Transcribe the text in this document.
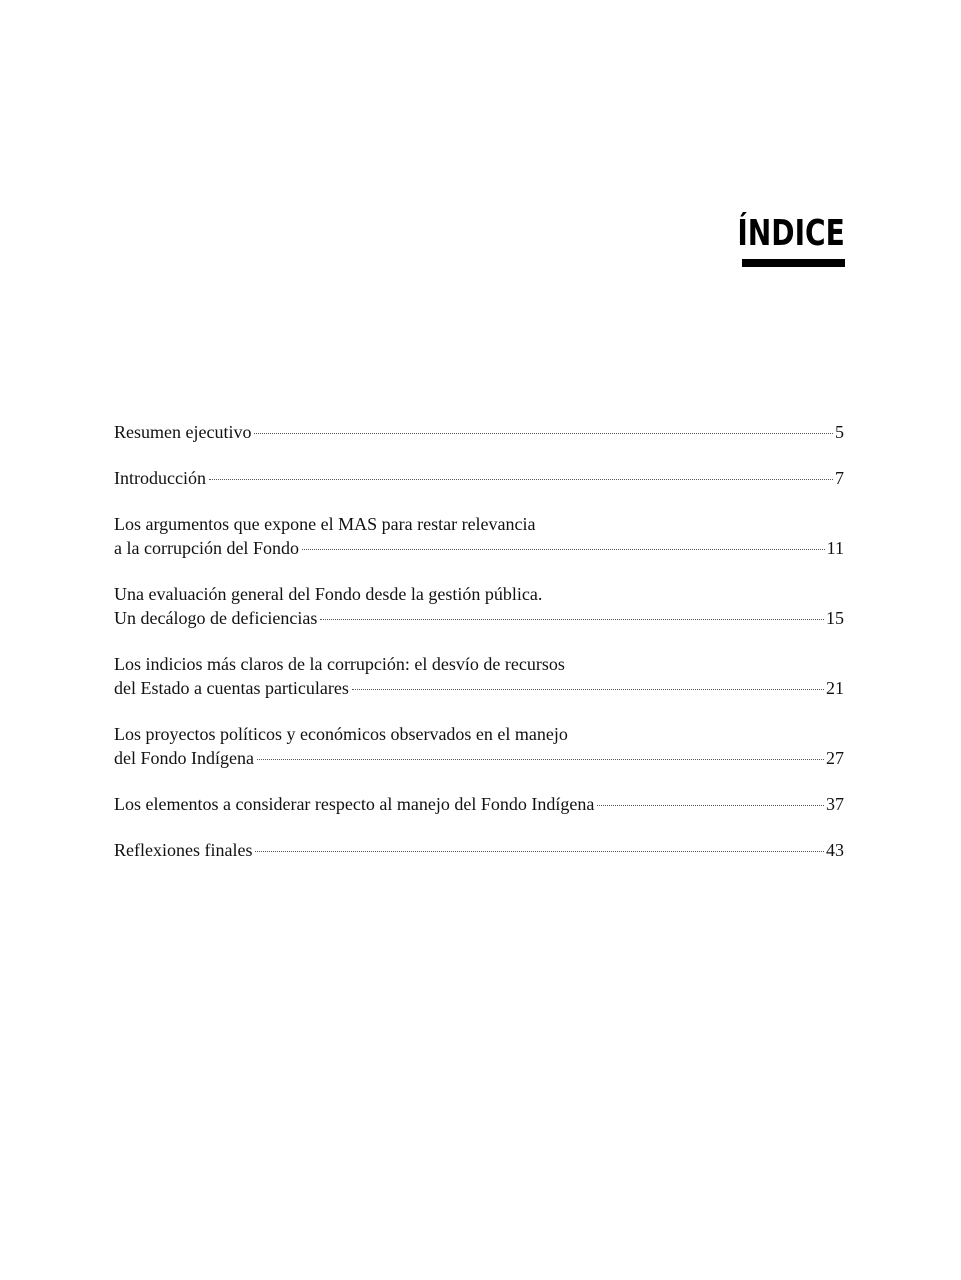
ÍNDICE
Resumen ejecutivo	5
Introducción	7
Los argumentos que expone el MAS para restar relevancia
a la corrupción del Fondo	11
Una evaluación general del Fondo desde la gestión pública.
Un decálogo de deficiencias	15
Los indicios más claros de la corrupción: el desvío de recursos
del Estado a cuentas particulares	21
Los proyectos políticos y económicos observados en el manejo
del Fondo Indígena	27
Los elementos a considerar respecto al manejo del Fondo Indígena	37
Reflexiones finales	43
